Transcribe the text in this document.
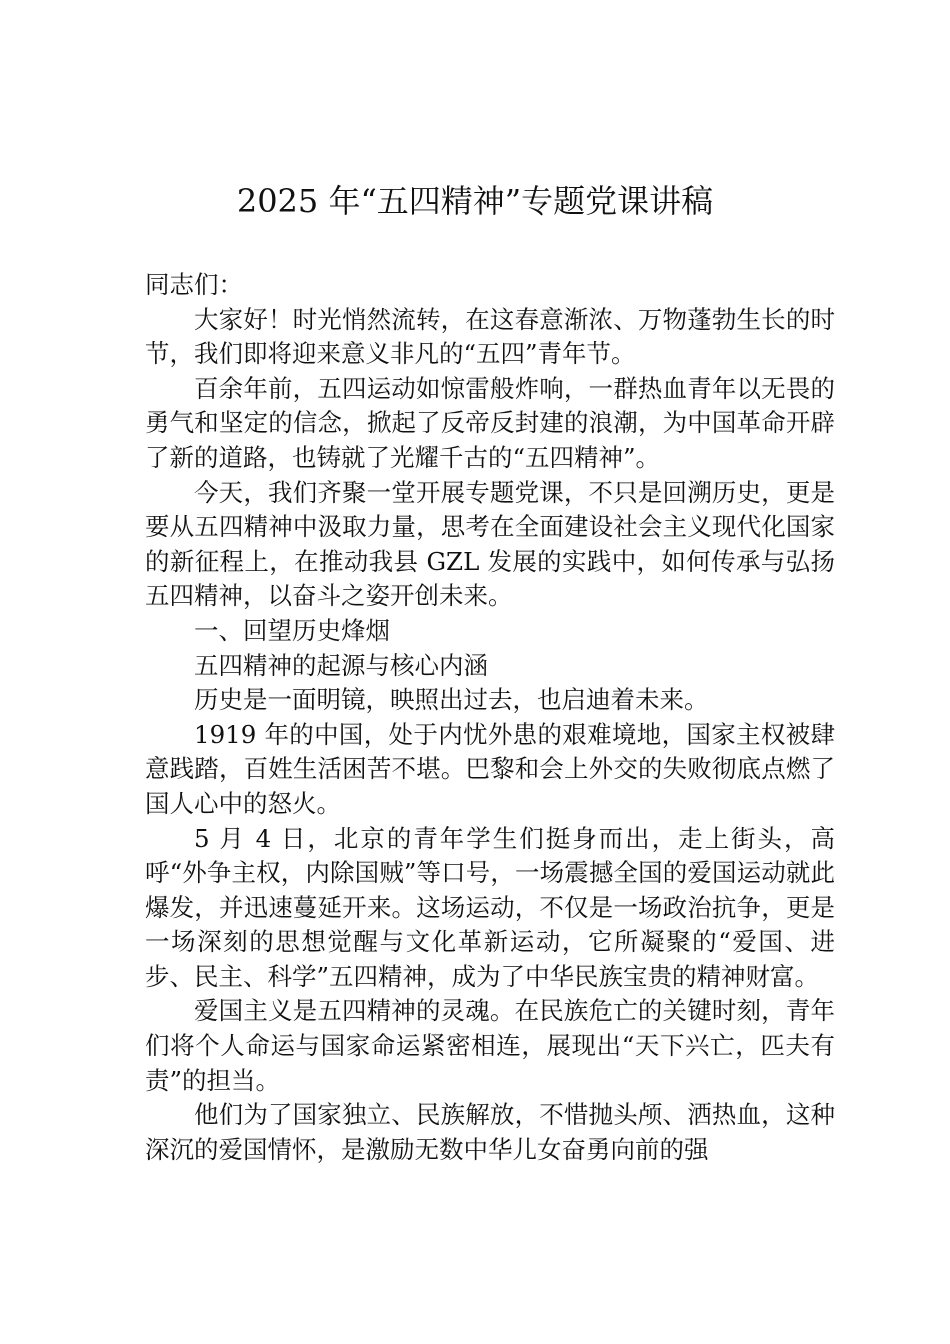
2025 年“五四精神”专题党课讲稿

同志们：

大家好！时光悄然流转，在这春意渐浓、万物蓬勃生长的时节，我们即将迎来意义非凡的“五四”青年节。

百余年前，五四运动如惊雷般炸响，一群热血青年以无畏的勇气和坚定的信念，掀起了反帝反封建的浪潮，为中国革命开辟了新的道路，也铸就了光耀千古的“五四精神”。

今天，我们齐聚一堂开展专题党课，不只是回溯历史，更是要从五四精神中汲取力量，思考在全面建设社会主义现代化国家的新征程上，在推动我县 GZL 发展的实践中，如何传承与弘扬五四精神，以奋斗之姿开创未来。

一、回望历史烽烟

五四精神的起源与核心内涵

历史是一面明镜，映照出过去，也启迪着未来。

1919 年的中国，处于内忧外患的艰难境地，国家主权被肆意践踏，百姓生活困苦不堪。巴黎和会上外交的失败彻底点燃了国人心中的怒火。

5 月 4 日，北京的青年学生们挺身而出，走上街头，高呼“外争主权，内除国贼”等口号，一场震撼全国的爱国运动就此爆发，并迅速蔓延开来。这场运动，不仅是一场政治抗争，更是一场深刻的思想觉醒与文化革新运动，它所凝聚的“爱国、进步、民主、科学”五四精神，成为了中华民族宝贵的精神财富。

爱国主义是五四精神的灵魂。在民族危亡的关键时刻，青年们将个人命运与国家命运紧密相连，展现出“天下兴亡，匹夫有责”的担当。

他们为了国家独立、民族解放，不惜抛头颅、洒热血，这种深沉的爱国情怀，是激励无数中华儿女奋勇向前的强
